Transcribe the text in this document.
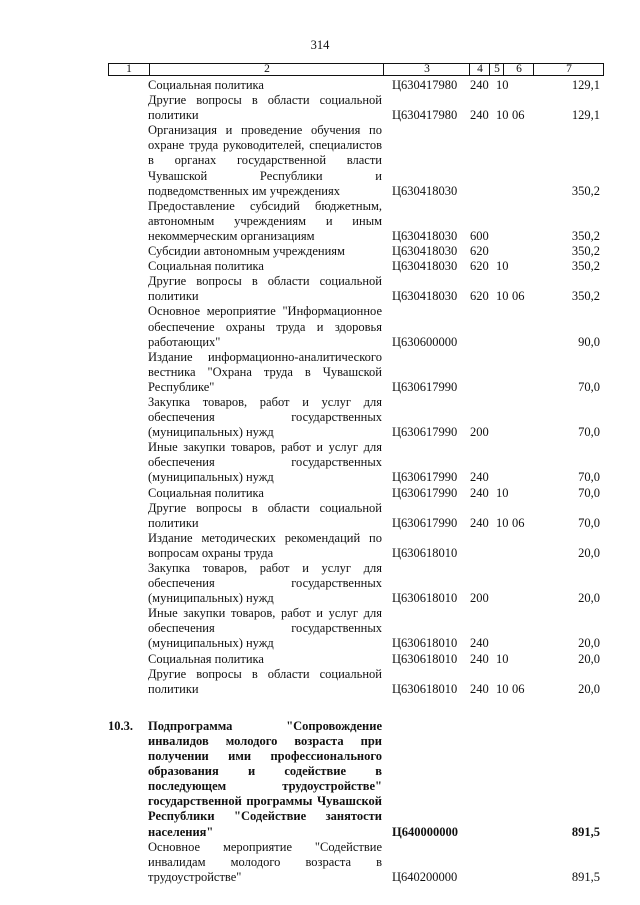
314
1	2	3	4 5	6	7
Социальная политика	Ц630417980	240 10	129,1
Другие вопросы в области социальной политики	Ц630417980	240 10 06	129,1
Организация и проведение обучения по охране труда руководителей, специалистов в органах государственной власти Чувашской Республики и подведомственных им учреждениях	Ц630418030	350,2
Предоставление субсидий бюджетным, автономным учреждениям и иным некоммерческим организациям	Ц630418030	600	350,2
Субсидии автономным учреждениям	Ц630418030	620	350,2
Социальная политика	Ц630418030	620 10	350,2
Другие вопросы в области социальной политики	Ц630418030	620 10 06	350,2
Основное мероприятие "Информационное обеспечение охраны труда и здоровья работающих"	Ц630600000	90,0
Издание информационно-аналитического вестника "Охрана труда в Чувашской Республике"	Ц630617990	70,0
Закупка товаров, работ и услуг для обеспечения государственных (муниципальных) нужд	Ц630617990	200	70,0
Иные закупки товаров, работ и услуг для обеспечения государственных (муниципальных) нужд	Ц630617990	240	70,0
Социальная политика	Ц630617990	240 10	70,0
Другие вопросы в области социальной политики	Ц630617990	240 10 06	70,0
Издание методических рекомендаций по вопросам охраны труда	Ц630618010	20,0
Закупка товаров, работ и услуг для обеспечения государственных (муниципальных) нужд	Ц630618010	200	20,0
Иные закупки товаров, работ и услуг для обеспечения государственных (муниципальных) нужд	Ц630618010	240	20,0
Социальная политика	Ц630618010	240 10	20,0
Другие вопросы в области социальной политики	Ц630618010	240 10 06	20,0
10.3.	Подпрограмма "Сопровождение инвалидов молодого возраста при получении ими профессионального образования и содействие в последующем трудоустройстве" государственной программы Чувашской Республики "Содействие занятости населения"	Ц640000000	891,5
Основное мероприятие "Содействие инвалидам молодого возраста в трудоустройстве"	Ц640200000	891,5
